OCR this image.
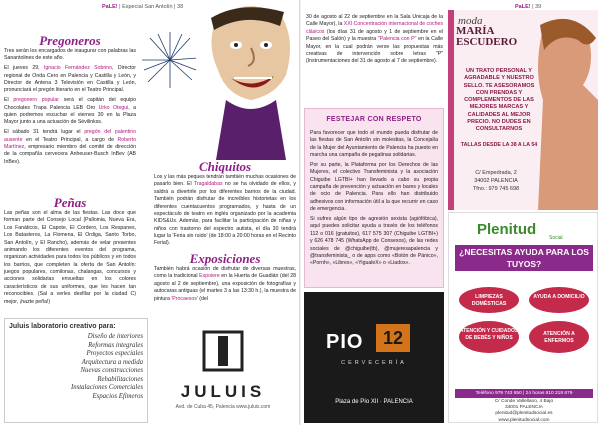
PaLE! | Especial San Antolín | 38	PaLE! | 39
Pregoneros

Tres serán los encargados de inaugurar con palabras las Sanantolines de este año.

El jueves 29, Ignacio Fernández Sobrino, Director regional de Onda Cero en Palencia y Castilla y León, y Director de Antena 3 Televisión en Castilla y León, pronunciará el pregón literario en el Teatro Principal.

El pregonero popular será el capitán del equipo Chocolates Trapa Palencia LEB Oro Urko Otegui, a quien podremos escuchar el viernes 30 en la Plaza Mayor junto a una actuación de Sévilinkss.

El sábado 31 tendrá lugar el pregón del palentino ausente en el Teatro Principal, a cargo de Roberto Martínez, empresario miembro del comité de dirección de la compañía cervecera Anheuser-Busch InBev (AB InBev).

Peñas

Las peñas son el alma de las fiestas. Las doce que forman parte del Consejo Local (Palloinia, Nueva Era, Los Fanáticos, El Capote, El Cordero, Los Respanes, Los Batasteros, La Flomena, El Ordiga, Santo Torbo, San Antolín, y El Rancho), además de velar presentes animando los diferentes eventos del programa, organizan actividades para todos los públicos y en todos los barrios, que completen la oferta de San Antolín: juegos populares, comilonas, chalangas, concursos y acciones solidarias envueltas en los colores característicos de sus uniformes, que les hacen tan reconocibles. (Sal a verles desfilar por la ciudad C) mejor, ¡hazte peña!)

Chiquitos

Los y las más peques tendrán también muchas ocasiones de pasarlo bien. El Tragaldabas no se ha olvidado de ellos, y saldrá a divertirle por los diferentes barrios de la ciudad. También podrán disfrutar de increíbles historietas en los diferentes cuentacuentos programados, y hasta de un espectáculo de teatro en inglés organizado por la academia KIDS&Us. Además, para facilitar la participación de niñas y niños con trastorno del espectro autista, el día 30 tendrá lugar la 'Feria sin ruido' (de 18:00 a 20:00 horas en el Recinto Ferial).

Exposiciones

También habrá ocasión de disfrutar de diversas muestras, como la tradicional Expoiere en la Huerta de Guadián (del 28 agosto al 2 de septiembre), una exposición de fotografías y autocaras antiguas (el martes 3 a las 13:30 h.), la muestra de pintura 'Procaesos' (del

30 de agosto al 22 de septiembre en la Sala Unicaja de la Calle Mayor), la XXI Concentración internacional de coches clásicos (los días 31 de agosto y 1 de septiembre en el Paseo del Salón) y la muestra "Palencia con P" en la Calle Mayor, en la cual podrán verse las propuestas más creativas de intervención sobre letras "P" (Instrumentaciones del 31 de agosto al 7 de septiembre).

FESTEJAR CON RESPETO

Para favorecer que todo el mundo pueda disfrutar de las fiestas de San Antolín sin molestias, la Concejalía de la Mujer del Ayuntamiento de Palencia ha puesto en marcha una campaña de pegatinas solidarias.

Por su parte, la Plataforma por los Derechos de las Mujeres, el colectivo Transfeminista y la asociación Chiguibe LGTBI+ han llevado a cabo su propia campaña de prevención y actuación en bares y locales de ocio de Palencia. Para ello han distribuido adhesivos con información útil a la que recurrir en caso de emergencia.

Si sufres algún tipo de agresión sexista (agiófóbica), aquí puedes solicitar ayuda a través de los teléfonos 112 o 016 (gratuitos), 617 575 307 (Chiguibe LGTBI+) y 626 478 745 (WhatsApp de Consexos), de las redes sociales de @chiguibe(tb), @mujeresapalencia y @transfeminista_ o de apps como «Botón de Pánico», «Pornh», «Libres», «YigualeX» o «Liados».

moda
MARÍA ESCUDERO
UN TRATO PERSONAL Y AGRADABLE Y NUESTRO SELLO. TE ASESORAMOS CON PRENDAS Y COMPLEMENTOS DE LAS MEJORES MARCAS Y CALIDADES AL MEJOR PRECIO. NO DUDES EN CONSULTARNOS
TALLAS DESDE LA 38 A LA 54
C/ Empedrada, 2
34002 PALENCIA
Tfno.: 979 745 698
Plenitud	Social
¿NECESITAS AYUDA PARA LOS TUYOS?
LIMPIEZAS DOMÉSTICAS
AYUDA A DOMICILIO
ATENCIÓN Y CUIDADOS DE BEBÉS Y NIÑOS
ATENCIÓN A ENFERMOS
Teléfono 979 743 650 | 24 horas 610 218 679
C/ Conde Vallellano, 4 Bajo
34001 PALENCIA
plenitud@plenitudsocial.es
www.plenitudsocial.com
Juluis laboratorio creativo para:
Diseño de interiores
Reformas integrales
Proyectos especiales
Arquitectura a medida
Nuevas construcciones
Rehabilitaciones
Instalaciones Comerciales
Espacios Efímeros	JULUIS
Avd. de Cuba 45, Palencia www.juluis.com
PIO	12
CERVECERÍA
Plaza de Pío XII · PALENCIA
